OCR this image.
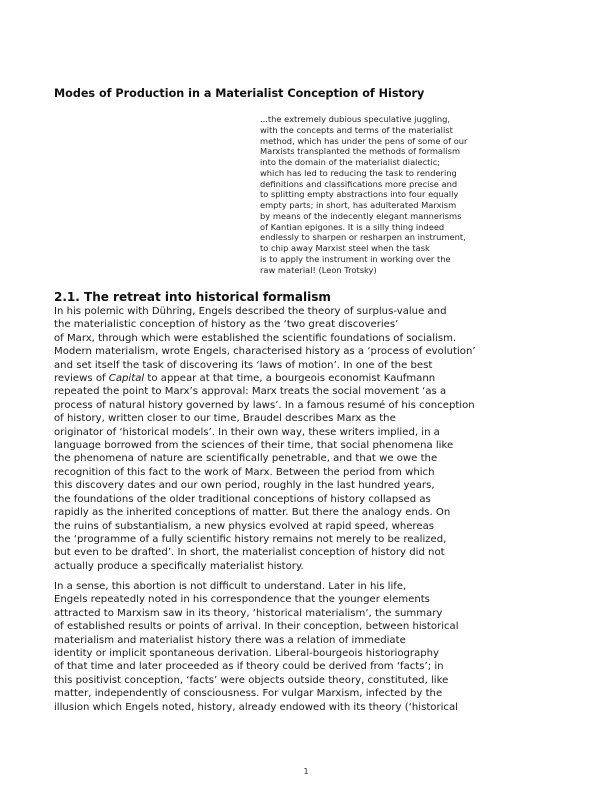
Modes of Production in a Materialist Conception of History
...the extremely dubious speculative juggling,
with the concepts and terms of the materialist
method, which has under the pens of some of our
Marxists transplanted the methods of formalism
into the domain of the materialist dialectic;
which has led to reducing the task to rendering
definitions and classifications more precise and
to splitting empty abstractions into four equally
empty parts; in short, has adulterated Marxism
by means of the indecently elegant mannerisms
of Kantian epigones. It is a silly thing indeed
endlessly to sharpen or resharpen an instrument,
to chip away Marxist steel when the task
is to apply the instrument in working over the
raw material! (Leon Trotsky)
2.1. The retreat into historical formalism
In his polemic with Dühring, Engels described the theory of surplus-value and
the materialistic conception of history as the ‘two great discoveries’
of Marx, through which were established the scientific foundations of socialism.
Modern materialism, wrote Engels, characterised history as a ‘process of evolution’
and set itself the task of discovering its ‘laws of motion’. In one of the best
reviews of Capital to appear at that time, a bourgeois economist Kaufmann
repeated the point to Marx’s approval: Marx treats the social movement ‘as a
process of natural history governed by laws’. In a famous resumé of his conception
of history, written closer to our time, Braudel describes Marx as the
originator of ‘historical models’. In their own way, these writers implied, in a
language borrowed from the sciences of their time, that social phenomena like
the phenomena of nature are scientifically penetrable, and that we owe the
recognition of this fact to the work of Marx. Between the period from which
this discovery dates and our own period, roughly in the last hundred years,
the foundations of the older traditional conceptions of history collapsed as
rapidly as the inherited conceptions of matter. But there the analogy ends. On
the ruins of substantialism, a new physics evolved at rapid speed, whereas
the ‘programme of a fully scientific history remains not merely to be realized,
but even to be drafted’. In short, the materialist conception of history did not
actually produce a specifically materialist history.
In a sense, this abortion is not difficult to understand. Later in his life,
Engels repeatedly noted in his correspondence that the younger elements
attracted to Marxism saw in its theory, ‘historical materialism’, the summary
of established results or points of arrival. In their conception, between historical
materialism and materialist history there was a relation of immediate
identity or implicit spontaneous derivation. Liberal-bourgeois historiography
of that time and later proceeded as if theory could be derived from ‘facts’; in
this positivist conception, ‘facts’ were objects outside theory, constituted, like
matter, independently of consciousness. For vulgar Marxism, infected by the
illusion which Engels noted, history, already endowed with its theory (‘historical
1
